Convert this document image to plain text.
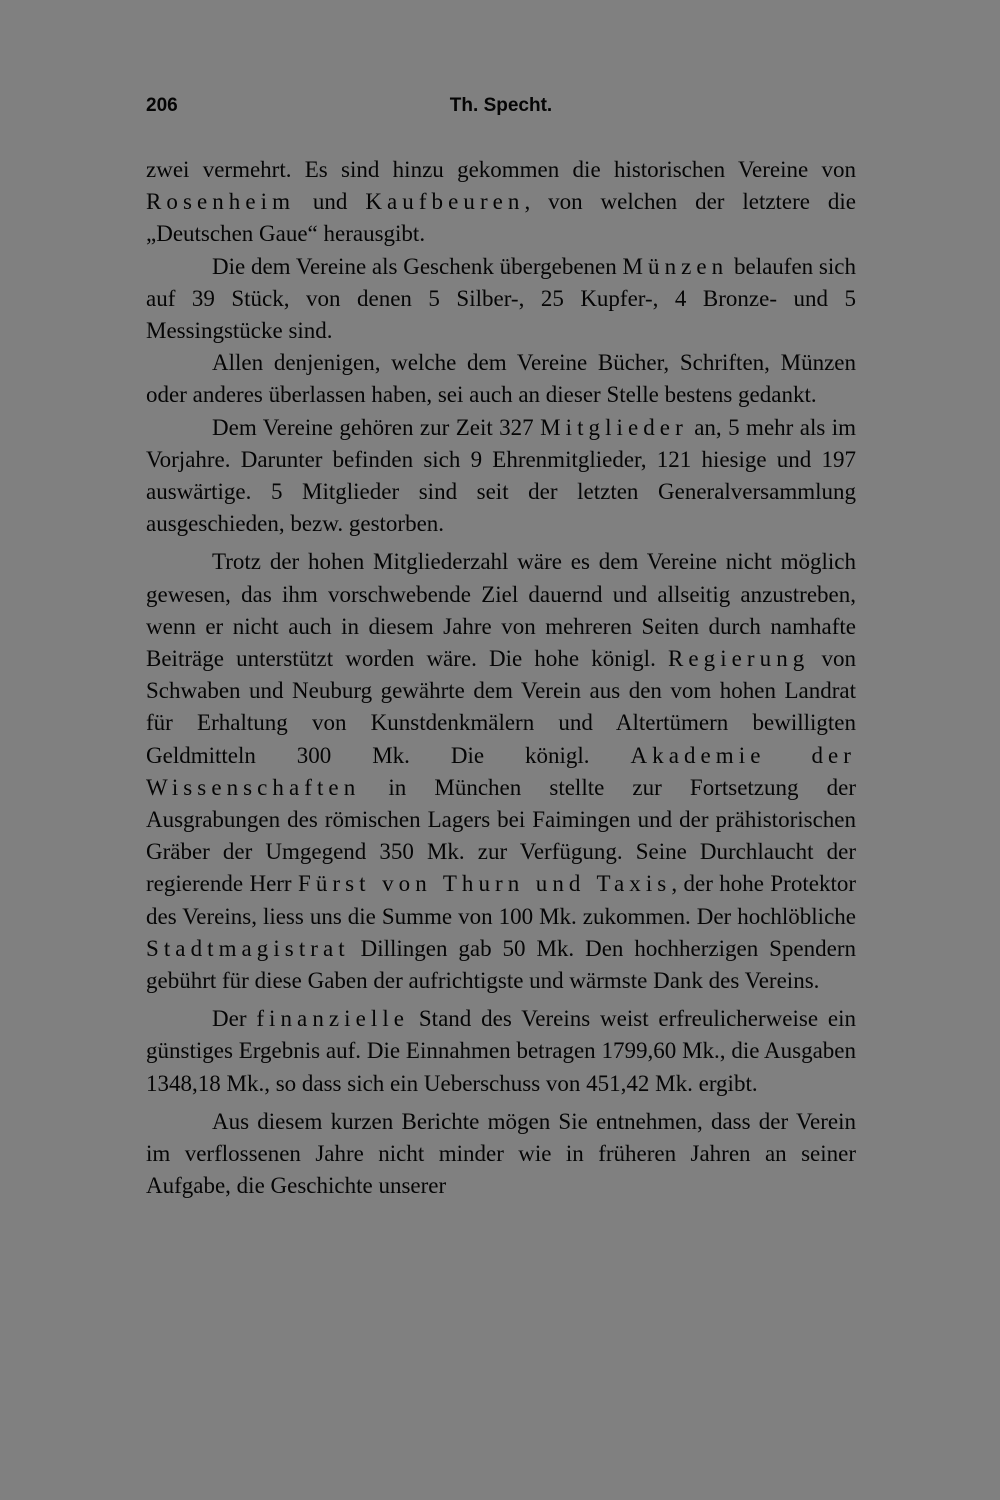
206	Th. Specht.

zwei vermehrt. Es sind hinzu gekommen die historischen Vereine von Rosenheim und Kaufbeuren, von welchen der letztere die „Deutschen Gaue“ herausgibt.

Die dem Vereine als Geschenk übergebenen Münzen belaufen sich auf 39 Stück, von denen 5 Silber-, 25 Kupfer-, 4 Bronze- und 5 Messingstücke sind.

Allen denjenigen, welche dem Vereine Bücher, Schriften, Münzen oder anderes überlassen haben, sei auch an dieser Stelle bestens gedankt.

Dem Vereine gehören zur Zeit 327 Mitglieder an, 5 mehr als im Vorjahre. Darunter befinden sich 9 Ehrenmitglieder, 121 hiesige und 197 auswärtige. 5 Mitglieder sind seit der letzten Generalversammlung ausgeschieden, bezw. gestorben.

Trotz der hohen Mitgliederzahl wäre es dem Vereine nicht möglich gewesen, das ihm vorschwebende Ziel dauernd und allseitig anzustreben, wenn er nicht auch in diesem Jahre von mehreren Seiten durch namhafte Beiträge unterstützt worden wäre. Die hohe königl. Regierung von Schwaben und Neuburg gewährte dem Verein aus den vom hohen Landrat für Erhaltung von Kunstdenkmälern und Altertümern bewilligten Geldmitteln 300 Mk. Die königl. Akademie der Wissenschaften in München stellte zur Fortsetzung der Ausgrabungen des römischen Lagers bei Faimingen und der prähistorischen Gräber der Umgegend 350 Mk. zur Verfügung. Seine Durchlaucht der regierende Herr Fürst von Thurn und Taxis, der hohe Protektor des Vereins, liess uns die Summe von 100 Mk. zukommen. Der hochlöbliche Stadtmagistrat Dillingen gab 50 Mk. Den hochherzigen Spendern gebührt für diese Gaben der aufrichtigste und wärmste Dank des Vereins.

Der finanzielle Stand des Vereins weist erfreulicherweise ein günstiges Ergebnis auf. Die Einnahmen betragen 1799,60 Mk., die Ausgaben 1348,18 Mk., so dass sich ein Ueberschuss von 451,42 Mk. ergibt.

Aus diesem kurzen Berichte mögen Sie entnehmen, dass der Verein im verflossenen Jahre nicht minder wie in früheren Jahren an seiner Aufgabe, die Geschichte unserer
